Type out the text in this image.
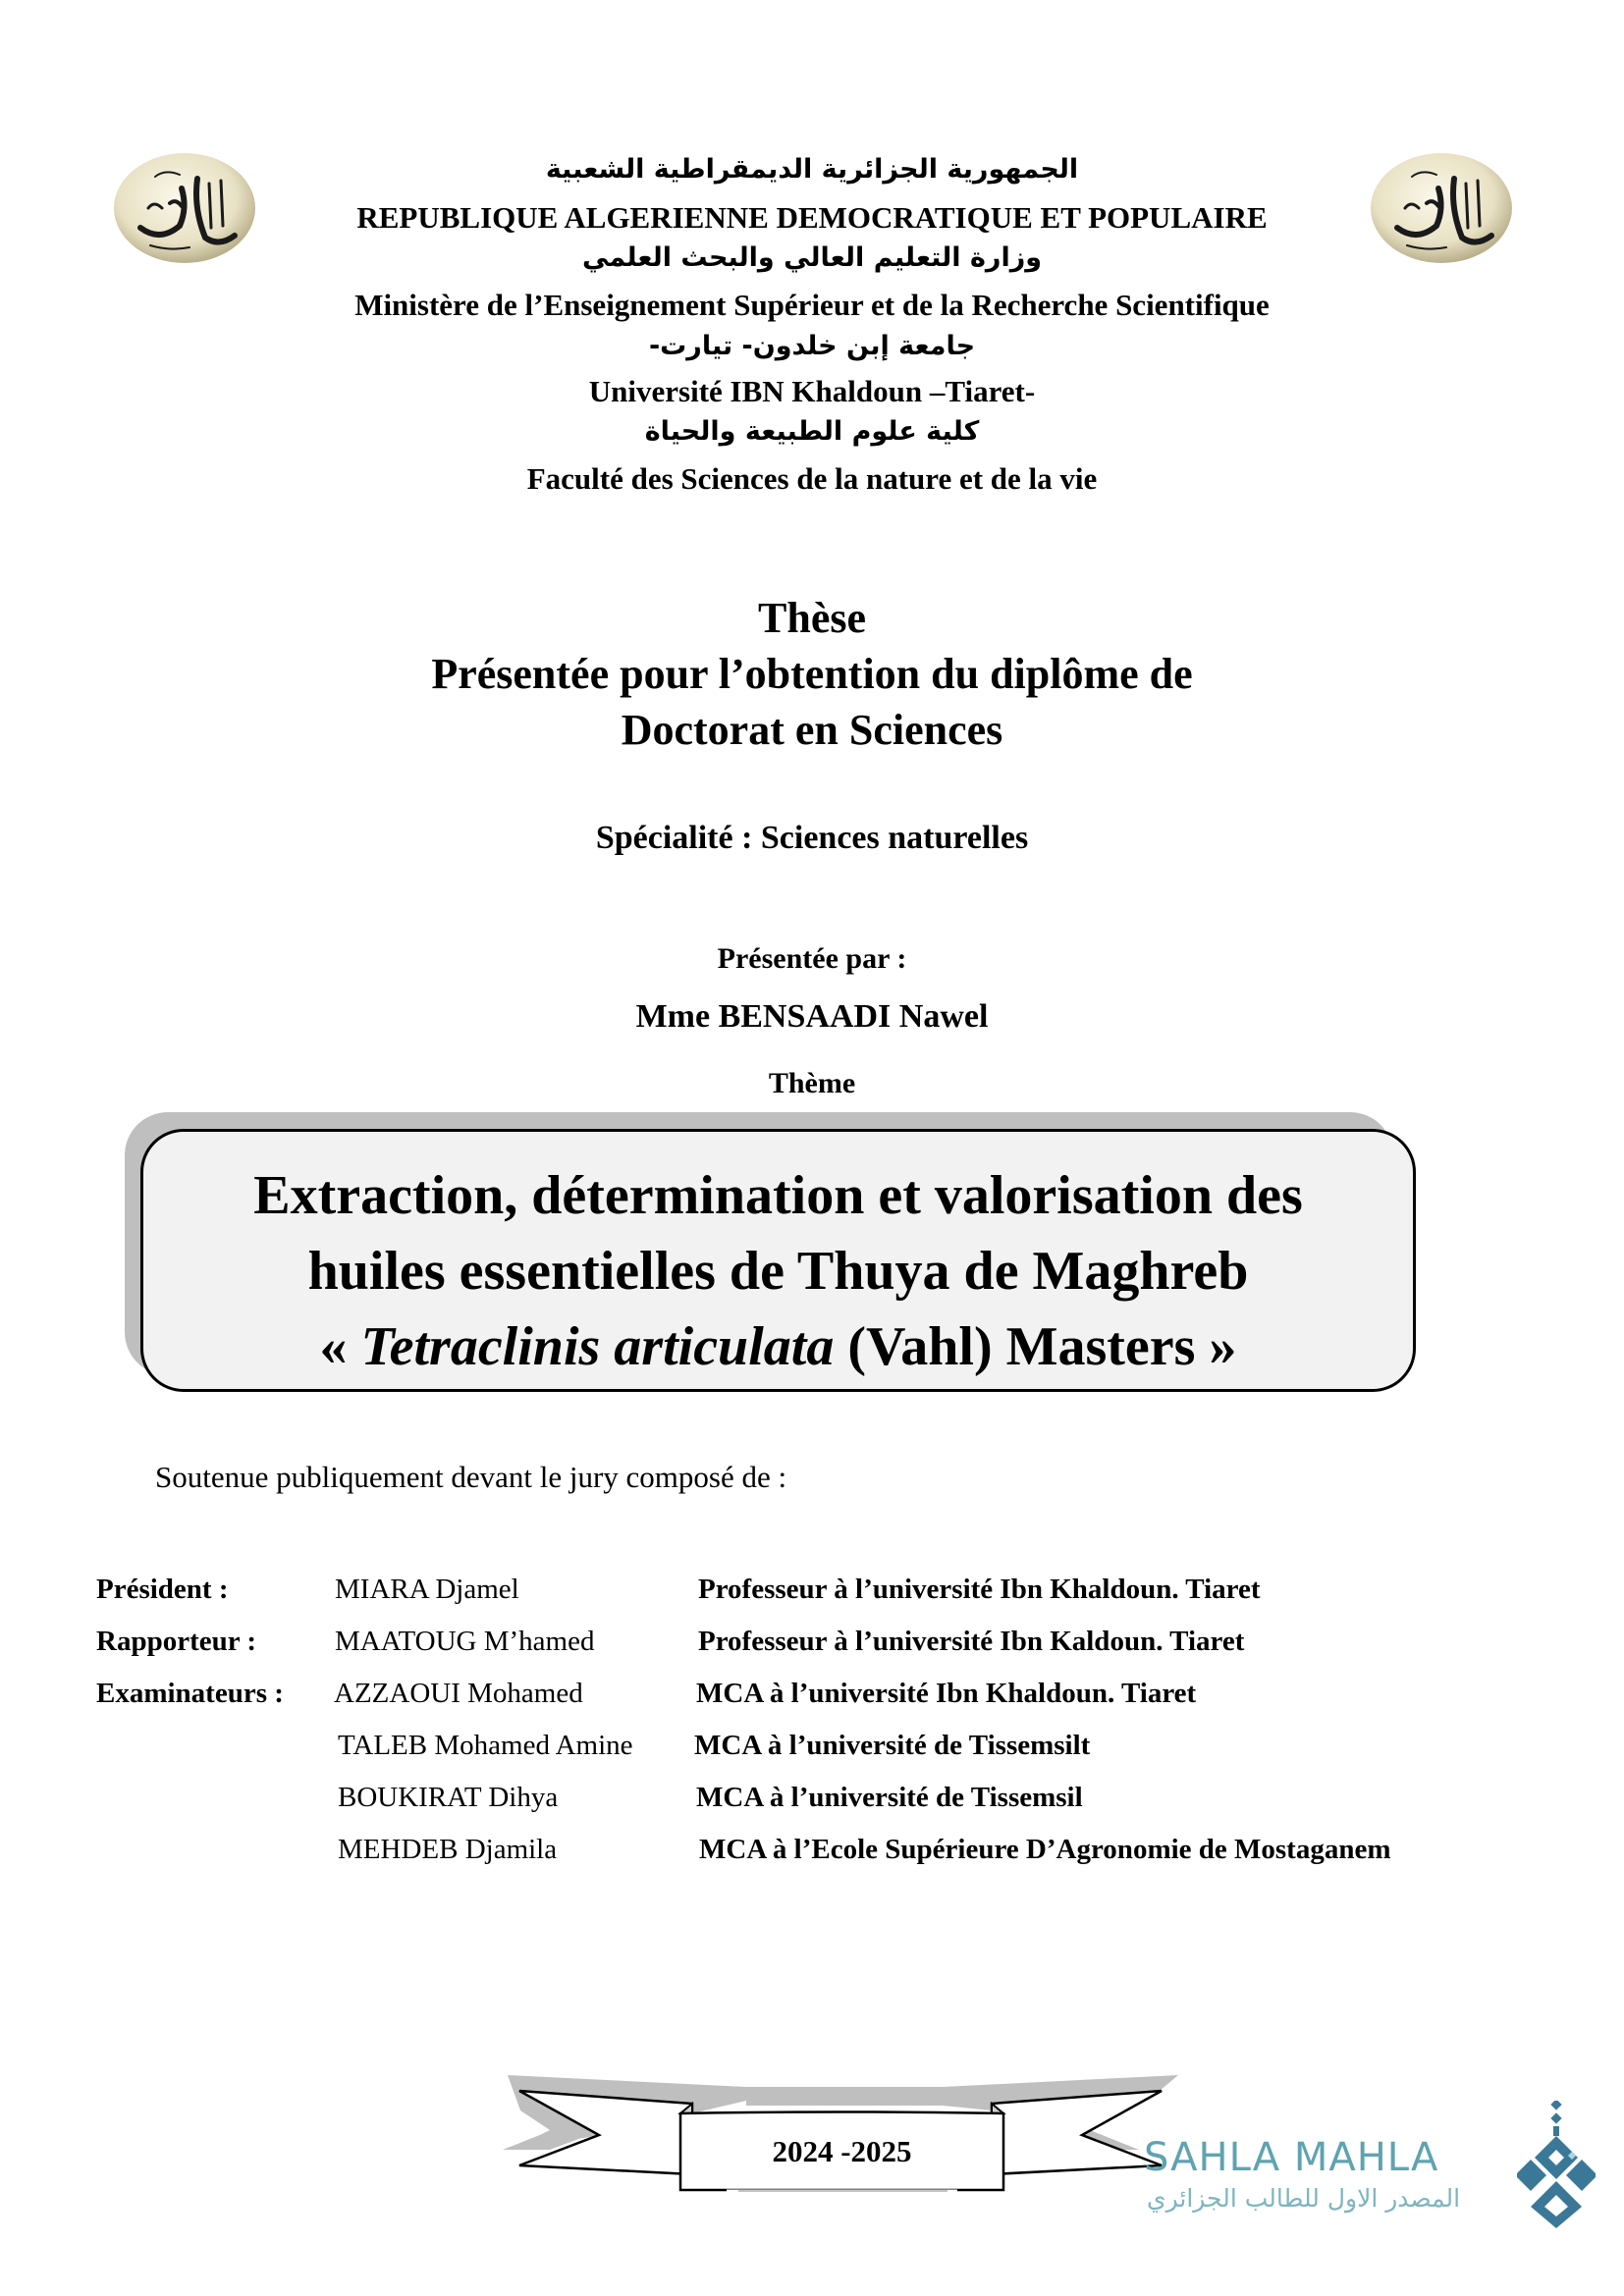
الجمهورية الجزائرية الديمقراطية الشعبية
REPUBLIQUE ALGERIENNE DEMOCRATIQUE ET POPULAIRE
وزارة التعليم العالي والبحث العلمي
Ministère de l’Enseignement Supérieur et de la Recherche Scientifique
جامعة إبن خلدون- تيارت-
Université IBN Khaldoun –Tiaret-
كلية علوم الطبيعة والحياة
Faculté des Sciences de la nature et de la vie
Thèse
Présentée pour l’obtention du diplôme de
Doctorat en Sciences
Spécialité : Sciences naturelles
Présentée par :
Mme BENSAADI Nawel
Thème
Extraction, détermination et valorisation des
huiles essentielles de Thuya de Maghreb
« Tetraclinis articulata (Vahl) Masters »
Soutenue publiquement devant le jury composé de :
Président :	MIARA Djamel	Professeur à l’université Ibn Khaldoun. Tiaret
Rapporteur :	MAATOUG M’hamed	Professeur à l’université Ibn Kaldoun. Tiaret
Examinateurs : AZZAOUI Mohamed	MCA à l’université Ibn Khaldoun. Tiaret
TALEB Mohamed Amine MCA à l’université de Tissemsilt
BOUKIRAT Dihya	MCA à l’université de Tissemsil
MEHDEB Djamila	MCA à l’Ecole Supérieure D’Agronomie de Mostaganem
2024 -2025	SAHLA MAHLA
المصدر الاول للطالب الجزائري
